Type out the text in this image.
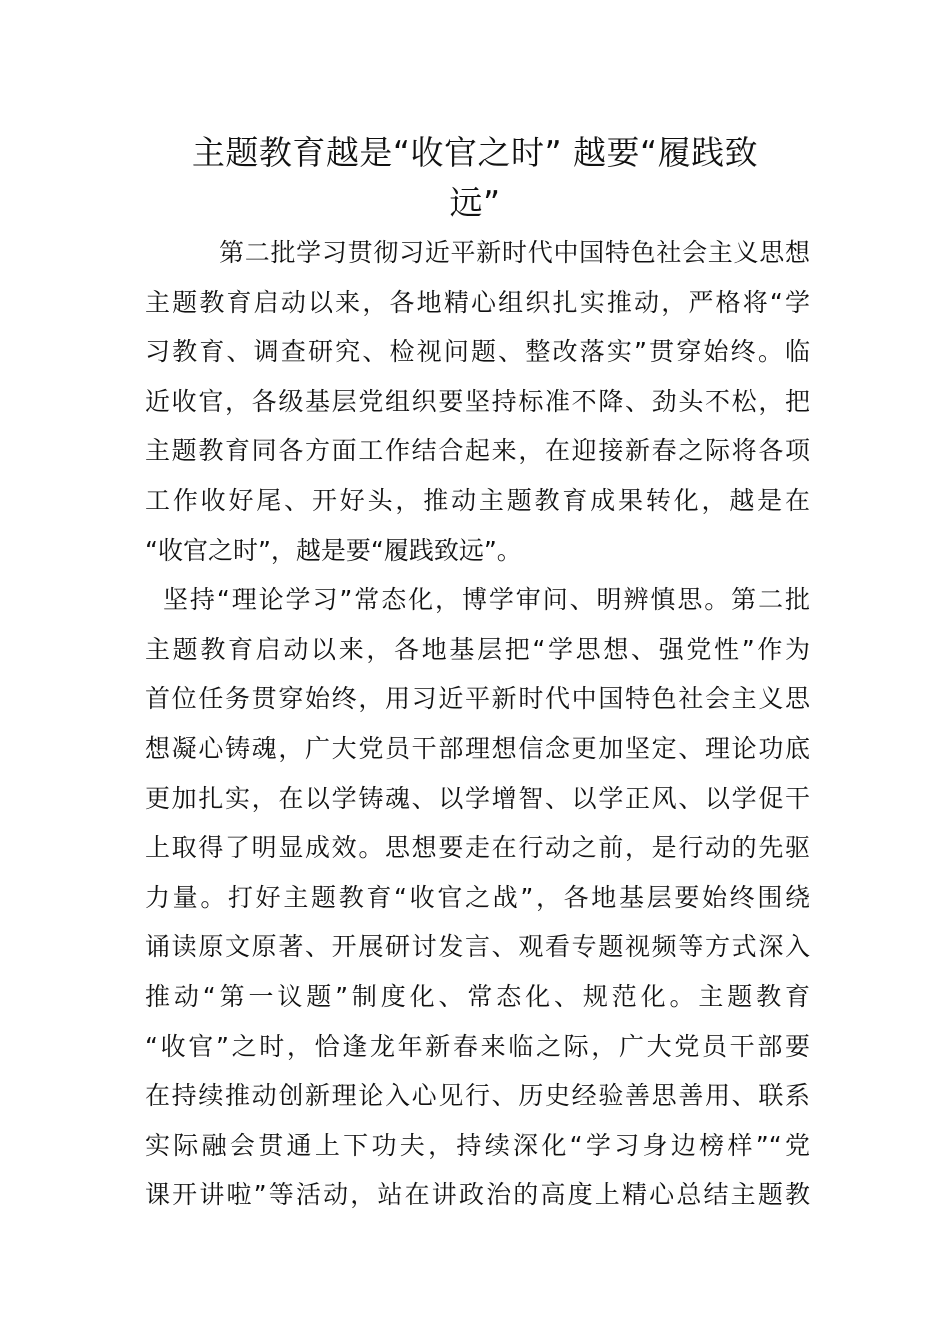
主题教育越是“收官之时” 越要“履践致
远”
第二批学习贯彻习近平新时代中国特色社会主义思想
主题教育启动以来，各地精心组织扎实推动，严格将“学
习教育、调查研究、检视问题、整改落实”贯穿始终。临
近收官，各级基层党组织要坚持标准不降、劲头不松，把
主题教育同各方面工作结合起来，在迎接新春之际将各项
工作收好尾、开好头，推动主题教育成果转化，越是在
“收官之时”，越是要“履践致远”。
坚持“理论学习”常态化，博学审问、明辨慎思。第二批
主题教育启动以来，各地基层把“学思想、强党性”作为
首位任务贯穿始终，用习近平新时代中国特色社会主义思
想凝心铸魂，广大党员干部理想信念更加坚定、理论功底
更加扎实，在以学铸魂、以学增智、以学正风、以学促干
上取得了明显成效。思想要走在行动之前，是行动的先驱
力量。打好主题教育“收官之战”，各地基层要始终围绕
诵读原文原著、开展研讨发言、观看专题视频等方式深入
推动“第一议题”制度化、常态化、规范化。主题教育
“收官”之时，恰逢龙年新春来临之际，广大党员干部要
在持续推动创新理论入心见行、历史经验善思善用、联系
实际融会贯通上下功夫，持续深化“学习身边榜样”“党
课开讲啦”等活动，站在讲政治的高度上精心总结主题教
